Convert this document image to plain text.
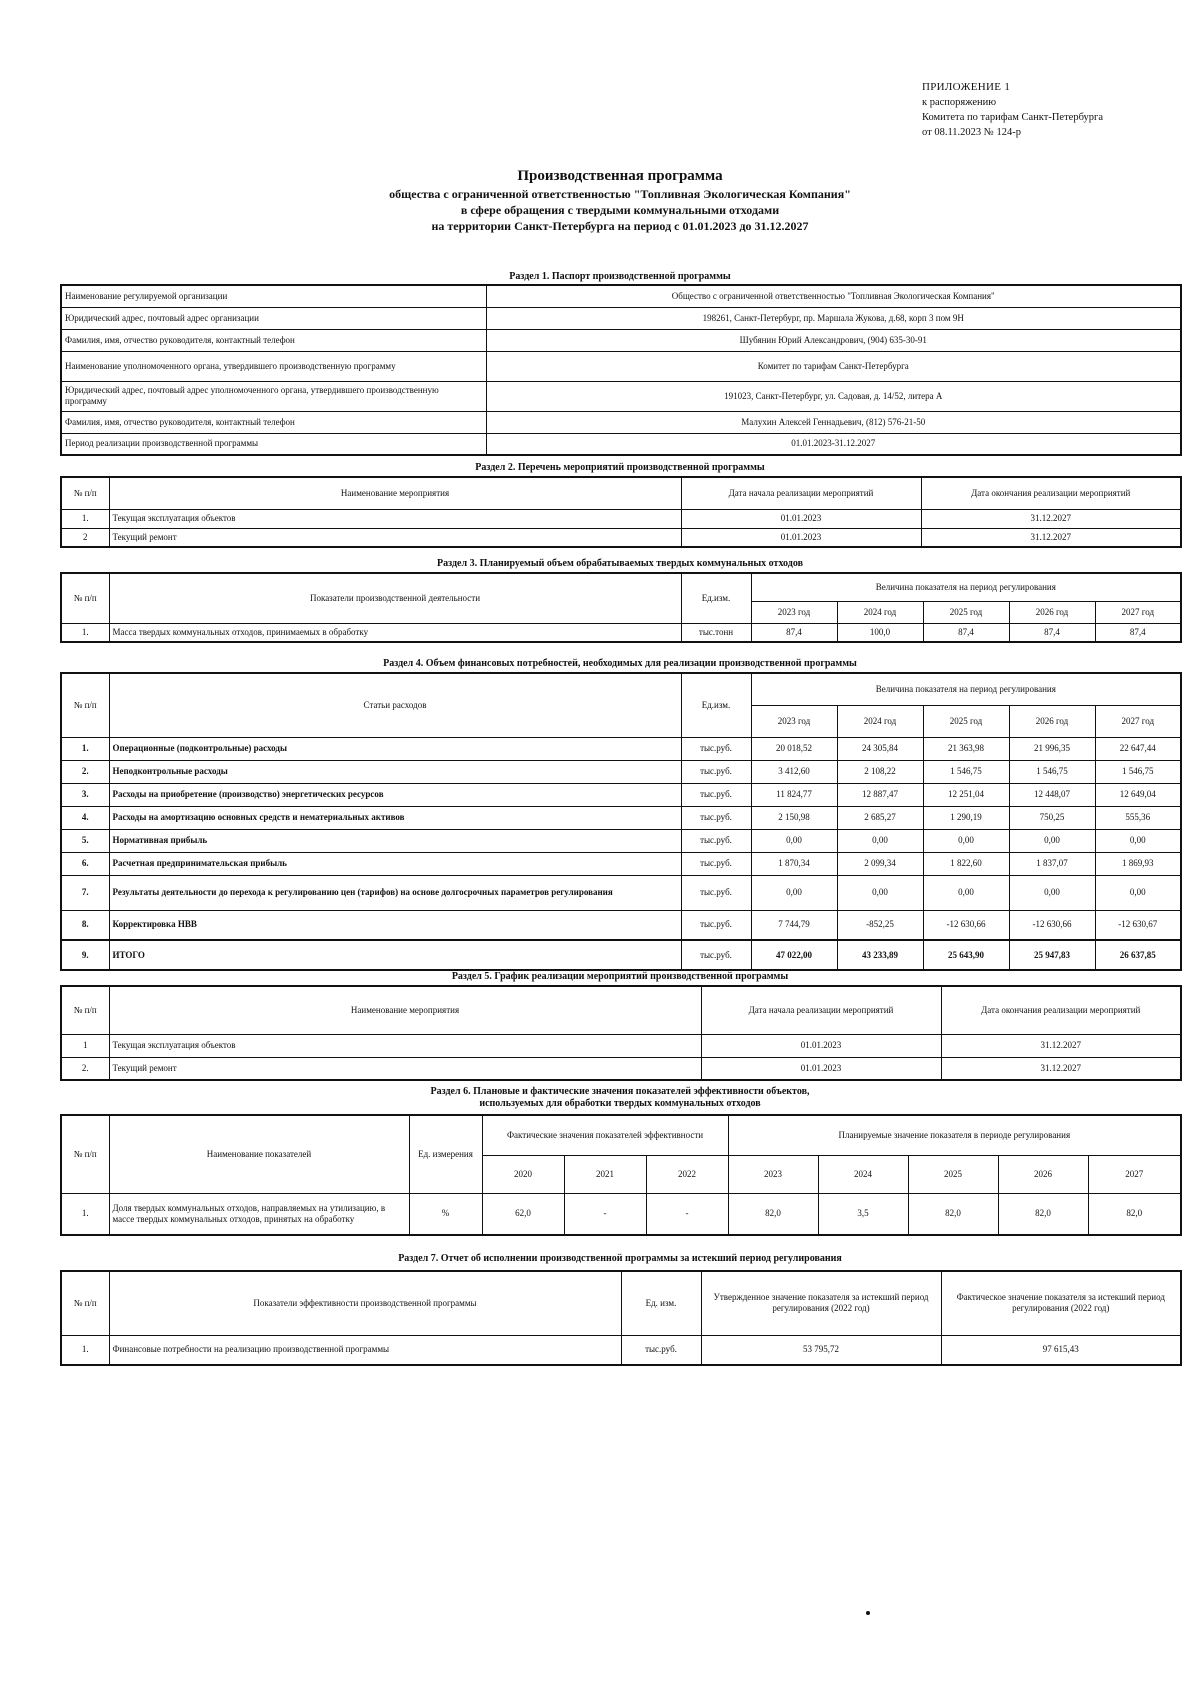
ПРИЛОЖЕНИЕ 1
к распоряжению
Комитета по тарифам Санкт-Петербурга
от 08.11.2023 № 124-р
Производственная программа
общества с ограниченной ответственностью "Топливная Экологическая Компания"
в сфере обращения с твердыми коммунальными отходами
на территории Санкт-Петербурга на период с 01.01.2023 до 31.12.2027
Раздел 1. Паспорт производственной программы
Наименование регулируемой организации	Общество с ограниченной ответственностью "Топливная Экологическая Компания"
Юридический адрес, почтовый адрес организации	198261, Санкт-Петербург, пр. Маршала Жукова, д.68, корп 3 пом 9Н
Фамилия, имя, отчество руководителя, контактный телефон	Шубянин Юрий Александрович, (904) 635-30-91
Наименование уполномоченного органа, утвердившего производственную программу	Комитет по тарифам Санкт-Петербурга
Юридический адрес, почтовый адрес уполномоченного органа, утвердившего производственную программу	191023, Санкт-Петербург, ул. Садовая, д. 14/52, литера А
Фамилия, имя, отчество руководителя, контактный телефон	Малухин Алексей Геннадьевич, (812) 576-21-50
Период реализации производственной программы	01.01.2023-31.12.2027
Раздел 2. Перечень мероприятий производственной программы
№ п/п	Наименование мероприятия	Дата начала реализации мероприятий	Дата окончания реализации мероприятий
1.	Текущая эксплуатация объектов	01.01.2023	31.12.2027
2	Текущий ремонт	01.01.2023	31.12.2027
Раздел 3. Планируемый объем обрабатываемых твердых коммунальных отходов
№ п/п	Показатели производственной деятельности	Ед.изм.	Величина показателя на период регулирования				
			2023 год	2024 год	2025 год	2026 год	2027 год
1.	Масса твердых коммунальных отходов, принимаемых в обработку	тыс.тонн	87,4	100,0	87,4	87,4	87,4
Раздел 4. Объем финансовых потребностей, необходимых для реализации производственной программы
№ п/п	Статьи расходов	Ед.изм.	Величина показателя на период регулирования				
			2023 год	2024 год	2025 год	2026 год	2027 год
1.	Операционные (подконтрольные) расходы	тыс.руб.	20 018,52	24 305,84	21 363,98	21 996,35	22 647,44
2.	Неподконтрольные расходы	тыс.руб.	3 412,60	2 108,22	1 546,75	1 546,75	1 546,75
3.	Расходы на приобретение (производство) энергетических ресурсов	тыс.руб.	11 824,77	12 887,47	12 251,04	12 448,07	12 649,04
4.	Расходы на амортизацию основных средств и нематериальных активов	тыс.руб.	2 150,98	2 685,27	1 290,19	750,25	555,36
5.	Нормативная прибыль	тыс.руб.	0,00	0,00	0,00	0,00	0,00
6.	Расчетная предпринимательская прибыль	тыс.руб.	1 870,34	2 099,34	1 822,60	1 837,07	1 869,93
7.	Результаты деятельности до перехода к регулированию цен (тарифов) на основе долгосрочных параметров регулирования	тыс.руб.	0,00	0,00	0,00	0,00	0,00
8.	Корректировка НВВ	тыс.руб.	7 744,79	-852,25	-12 630,66	-12 630,66	-12 630,67
9.	ИТОГО	тыс.руб.	47 022,00	43 233,89	25 643,90	25 947,83	26 637,85
Раздел 5. График реализации мероприятий производственной программы
№ п/п	Наименование мероприятия	Дата начала реализации мероприятий	Дата окончания реализации мероприятий
1	Текущая эксплуатация объектов	01.01.2023	31.12.2027
2.	Текущий ремонт	01.01.2023	31.12.2027
Раздел 6. Плановые и фактические значения показателей эффективности объектов,
используемых для обработки твердых коммунальных отходов
№ п/п	Наименование показателей	Ед. измерения	Фактические значения показателей эффективности			Планируемые значение показателя в периоде регулирования				
			2020	2021	2022	2023	2024	2025	2026	2027
1.	Доля твердых коммунальных отходов, направляемых на утилизацию, в массе твердых коммунальных отходов, принятых на обработку	%	62,0	-	-	82,0	3,5	82,0	82,0	82,0
Раздел 7. Отчет об исполнении производственной программы за истекший период регулирования
№ п/п	Показатели эффективности производственной программы	Ед. изм.	Утвержденное значение показателя за истекший период регулирования (2022 год)	Фактическое значение показателя за истекший период регулирования (2022 год)
1.	Финансовые потребности на реализацию производственной программы	тыс.руб.	53 795,72	97 615,43
